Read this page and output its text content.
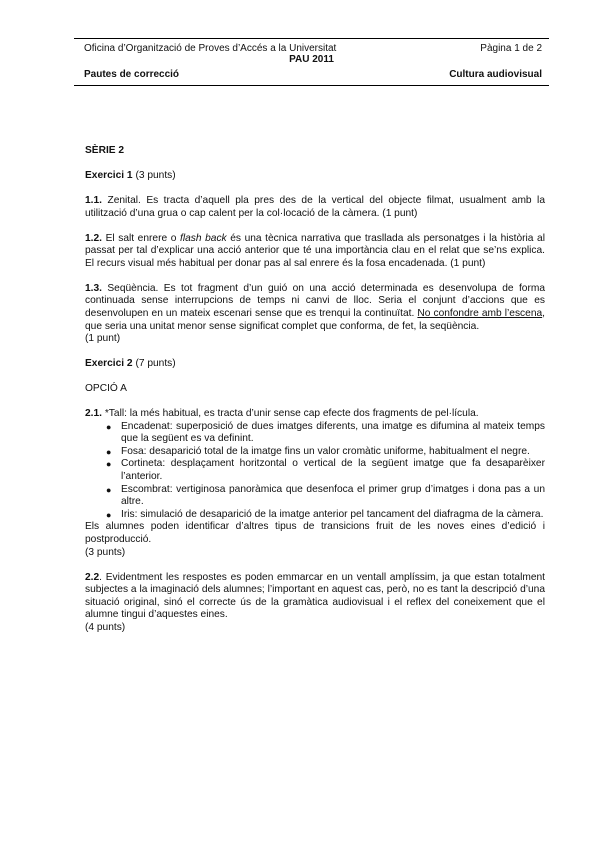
Oficina d’Organització de Proves d’Accés a la Universitat	Pàgina 1 de 2
PAU 2011
Pautes de correcció	Cultura audiovisual

SÈRIE 2

Exercici 1 (3 punts)

1.1. Zenital. Es tracta d’aquell pla pres des de la vertical del objecte filmat, usualment amb la utilització d’una grua o cap calent per la col·locació de la càmera. (1 punt)

1.2. El salt enrere o flash back és una tècnica narrativa que trasllada als personatges i la història al passat per tal d’explicar una acció anterior que té una importància clau en el relat que se’ns explica. El recurs visual més habitual per donar pas al sal enrere és la fosa encadenada. (1 punt)

1.3. Seqüència. Es tot fragment d’un guió on una acció determinada es desenvolupa de forma continuada sense interrupcions de temps ni canvi de lloc. Seria el conjunt d’accions que es desenvolupen en un mateix escenari sense que es trenqui la continuïtat. No confondre amb l’escena, que seria una unitat menor sense significat complet que conforma, de fet, la seqüència.

(1 punt)

Exercici 2 (7 punts)

OPCIÓ A

2.1. *Tall: la més habitual, es tracta d’unir sense cap efecte dos fragments de pel·lícula.

● Encadenat: superposició de dues imatges diferents, una imatge es difumina al mateix temps que la següent es va definint.
● Fosa: desaparició total de la imatge fins un valor cromàtic uniforme, habitualment el negre.
● Cortineta: desplaçament horitzontal o vertical de la següent imatge que fa desaparèixer l’anterior.
● Escombrat: vertiginosa panoràmica que desenfoca el primer grup d’imatges i dona pas a un altre.
● Iris: simulació de desaparició de la imatge anterior pel tancament del diafragma de la càmera.

Els alumnes poden identificar d’altres tipus de transicions fruit de les noves eines d’edició i postproducció.

(3 punts)

2.2. Evidentment les respostes es poden emmarcar en un ventall amplíssim, ja que estan totalment subjectes a la imaginació dels alumnes; l’important en aquest cas, però, no es tant la descripció d’una situació original, sinó el correcte ús de la gramàtica audiovisual i el reflex del coneixement que el alumne tingui d’aquestes eines.

(4 punts)
